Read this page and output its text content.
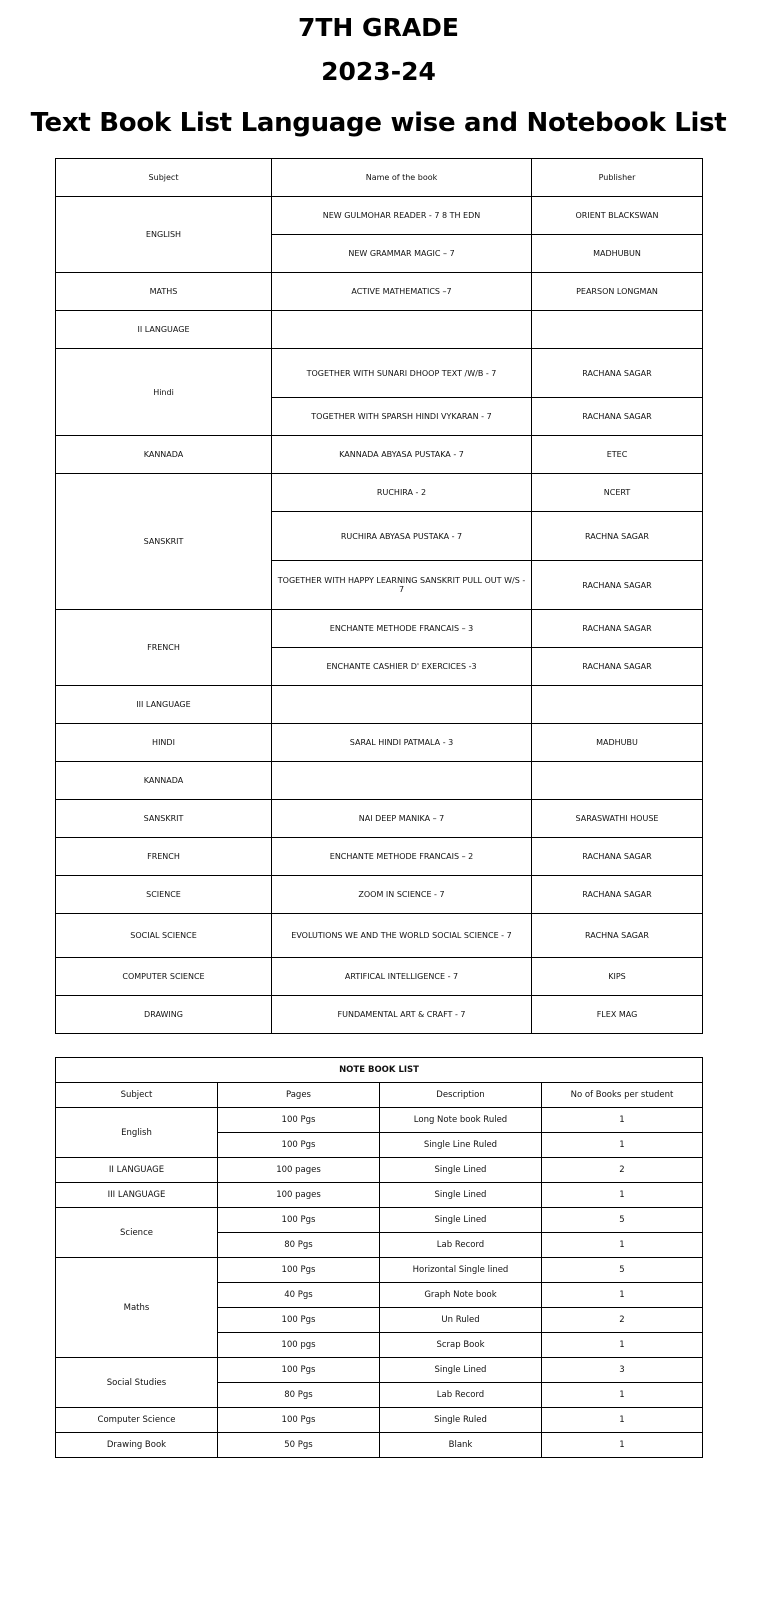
7TH GRADE
2023-24
Text Book List Language wise and Notebook List
Subject	Name of the book	Publisher
ENGLISH	NEW GULMOHAR READER - 7 8 TH EDN	ORIENT BLACKSWAN
	NEW GRAMMAR MAGIC – 7	MADHUBUN
MATHS	ACTIVE MATHEMATICS –7	PEARSON LONGMAN
II LANGUAGE		
Hindi	TOGETHER WITH SUNARI DHOOP TEXT /W/B - 7	RACHANA SAGAR
	TOGETHER WITH SPARSH HINDI VYKARAN - 7	RACHANA SAGAR
KANNADA	KANNADA ABYASA PUSTAKA - 7	ETEC
SANSKRIT	RUCHIRA - 2	NCERT
	RUCHIRA ABYASA PUSTAKA - 7	RACHNA SAGAR
	TOGETHER WITH HAPPY LEARNING SANSKRIT PULL OUT W/S - 7	RACHANA SAGAR
FRENCH	ENCHANTE METHODE FRANCAIS – 3	RACHANA SAGAR
	ENCHANTE CASHIER D' EXERCICES -3	RACHANA SAGAR
III LANGUAGE		
HINDI	SARAL HINDI PATMALA - 3	MADHUBU
KANNADA		
SANSKRIT	NAI DEEP MANIKA – 7	SARASWATHI HOUSE
FRENCH	ENCHANTE METHODE FRANCAIS – 2	RACHANA SAGAR
SCIENCE	ZOOM IN SCIENCE - 7	RACHANA SAGAR
SOCIAL SCIENCE	EVOLUTIONS WE AND THE WORLD SOCIAL SCIENCE - 7	RACHNA SAGAR
COMPUTER SCIENCE	ARTIFICAL INTELLIGENCE - 7	KIPS
DRAWING	FUNDAMENTAL ART & CRAFT - 7	FLEX MAG
NOTE BOOK LIST			
Subject	Pages	Description	No of Books per student
English	100 Pgs	Long Note book Ruled	1
	100 Pgs	Single Line Ruled	1
II LANGUAGE	100 pages	Single Lined	2
III LANGUAGE	100 pages	Single Lined	1
Science	100 Pgs	Single Lined	5
	80 Pgs	Lab Record	1
Maths	100 Pgs	Horizontal Single lined	5
	40 Pgs	Graph Note book	1
	100 Pgs	Un Ruled	2
	100 pgs	Scrap Book	1
Social Studies	100 Pgs	Single Lined	3
	80 Pgs	Lab Record	1
Computer Science	100 Pgs	Single Ruled	1
Drawing Book	50 Pgs	Blank	1
